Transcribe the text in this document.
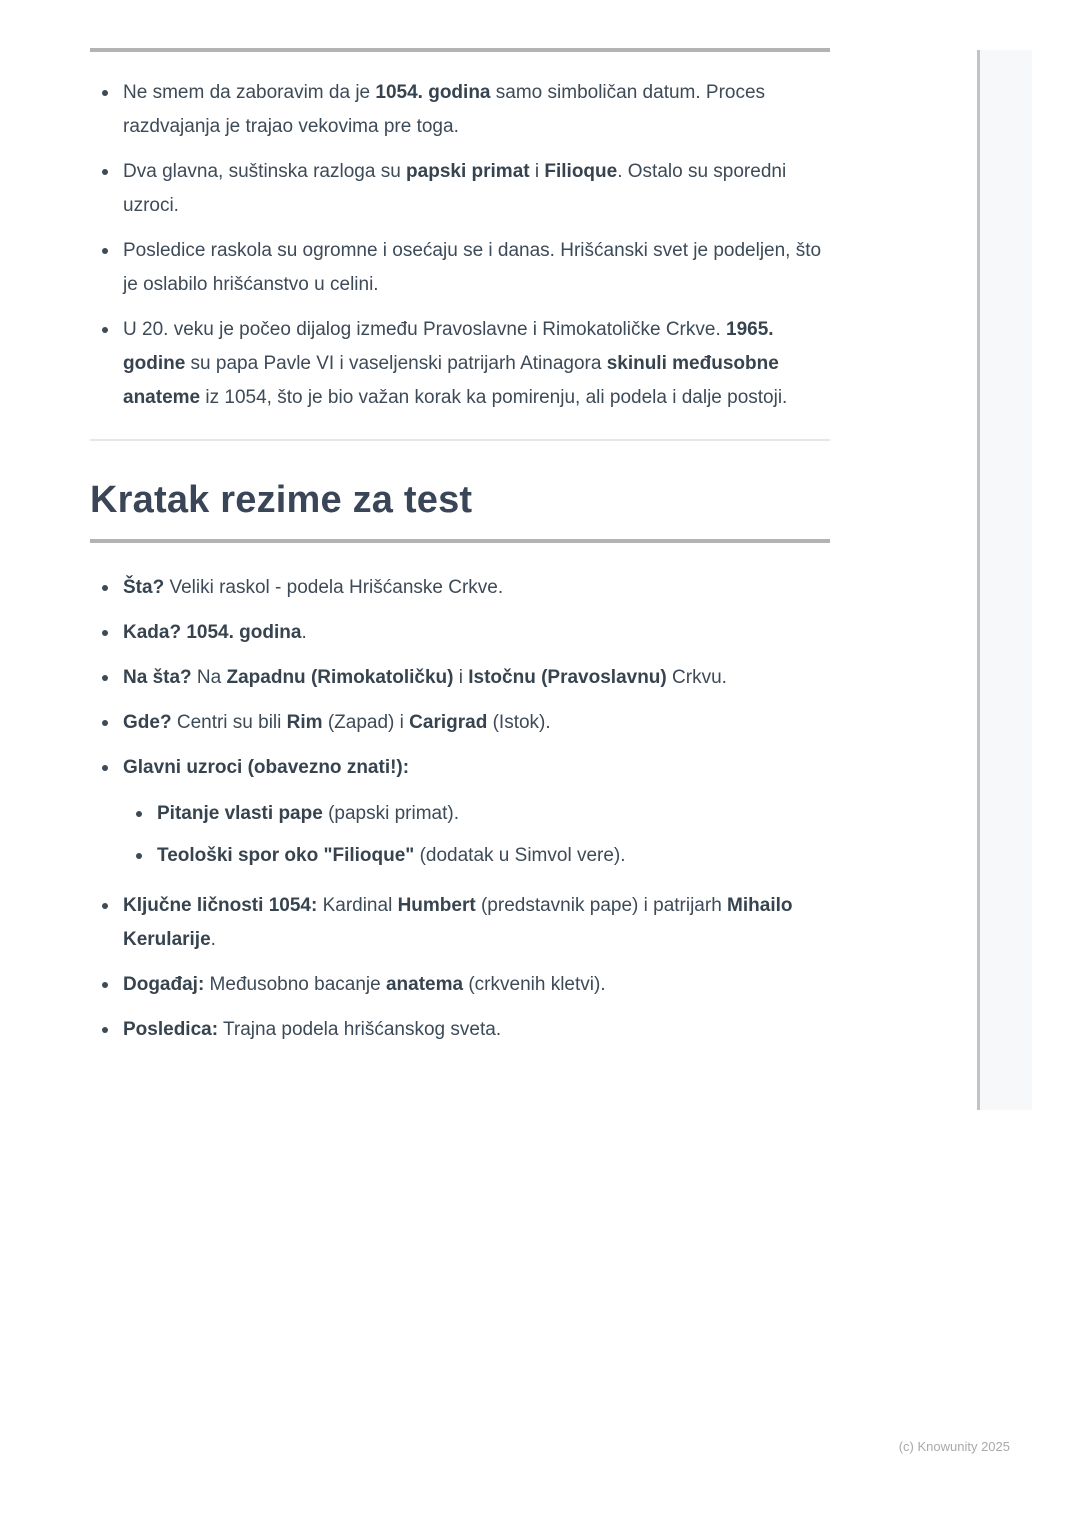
Ne smem da zaboravim da je 1054. godina samo simboličan datum. Proces razdvajanja je trajao vekovima pre toga.
Dva glavna, suštinska razloga su papski primat i Filioque. Ostalo su sporedni uzroci.
Posledice raskola su ogromne i osećaju se i danas. Hrišćanski svet je podeljen, što je oslabilo hrišćanstvo u celini.
U 20. veku je počeo dijalog između Pravoslavne i Rimokatoličke Crkve. 1965. godine su papa Pavle VI i vaseljenski patrijarh Atinagora skinuli međusobne anateme iz 1054, što je bio važan korak ka pomirenju, ali podela i dalje postoji.
Kratak rezime za test
Šta? Veliki raskol - podela Hrišćanske Crkve.
Kada? 1054. godina.
Na šta? Na Zapadnu (Rimokatoličku) i Istočnu (Pravoslavnu) Crkvu.
Gde? Centri su bili Rim (Zapad) i Carigrad (Istok).
Glavni uzroci (obavezno znati!):
Pitanje vlasti pape (papski primat).
Teološki spor oko "Filioque" (dodatak u Simvol vere).
Ključne ličnosti 1054: Kardinal Humbert (predstavnik pape) i patrijarh Mihailo Kerularije.
Događaj: Međusobno bacanje anatema (crkvenih kletvi).
Posledica: Trajna podela hrišćanskog sveta.
(c) Knowunity 2025
